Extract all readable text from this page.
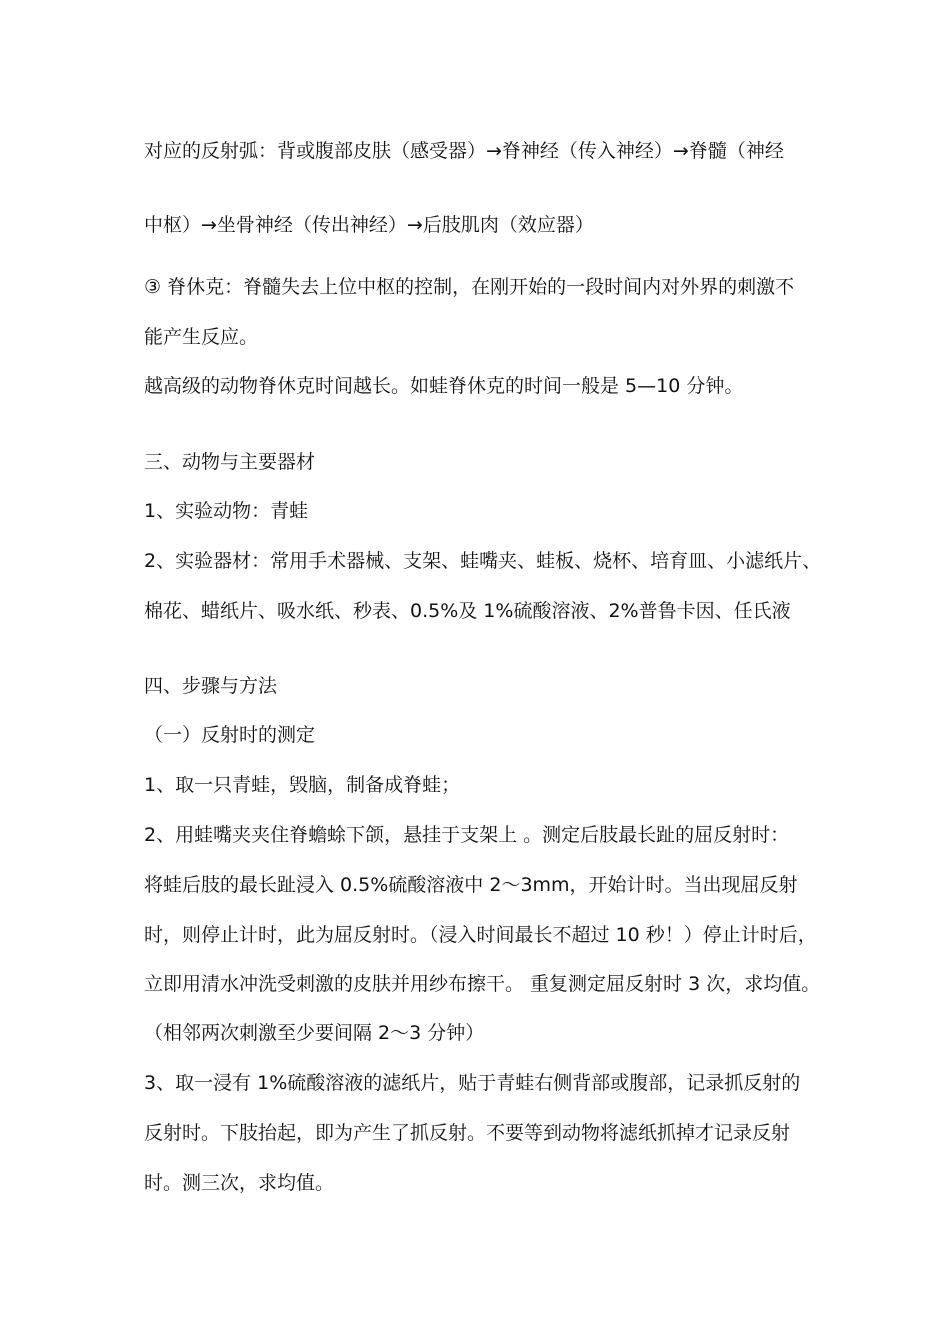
对应的反射弧：背或腹部皮肤（感受器）→脊神经（传入神经）→脊髓（神经

中枢）→坐骨神经（传出神经）→后肢肌肉（效应器）

③ 脊休克：脊髓失去上位中枢的控制，在刚开始的一段时间内对外界的刺激不

能产生反应。

越高级的动物脊休克时间越长。如蛙脊休克的时间一般是 5—10 分钟。

三、动物与主要器材

1、实验动物：青蛙

2、实验器材：常用手术器械、支架、蛙嘴夹、蛙板、烧杯、培育皿、小滤纸片、

棉花、蜡纸片、吸水纸、秒表、0.5%及 1%硫酸溶液、2%普鲁卡因、任氏液

四、步骤与方法

（一）反射时的测定

1、取一只青蛙，毁脑，制备成脊蛙；

2、用蛙嘴夹夹住脊蟾蜍下颌，悬挂于支架上 。测定后肢最长趾的屈反射时：

将蛙后肢的最长趾浸入 0.5%硫酸溶液中 2～3mm，开始计时。当出现屈反射

时，则停止计时，此为屈反射时。（浸入时间最长不超过 10 秒！）停止计时后，

立即用清水冲洗受刺激的皮肤并用纱布擦干。 重复测定屈反射时 3 次，求均值。

（相邻两次刺激至少要间隔 2～3 分钟）

3、取一浸有 1%硫酸溶液的滤纸片，贴于青蛙右侧背部或腹部，记录抓反射的

反射时。下肢抬起，即为产生了抓反射。不要等到动物将滤纸抓掉才记录反射

时。测三次，求均值。
